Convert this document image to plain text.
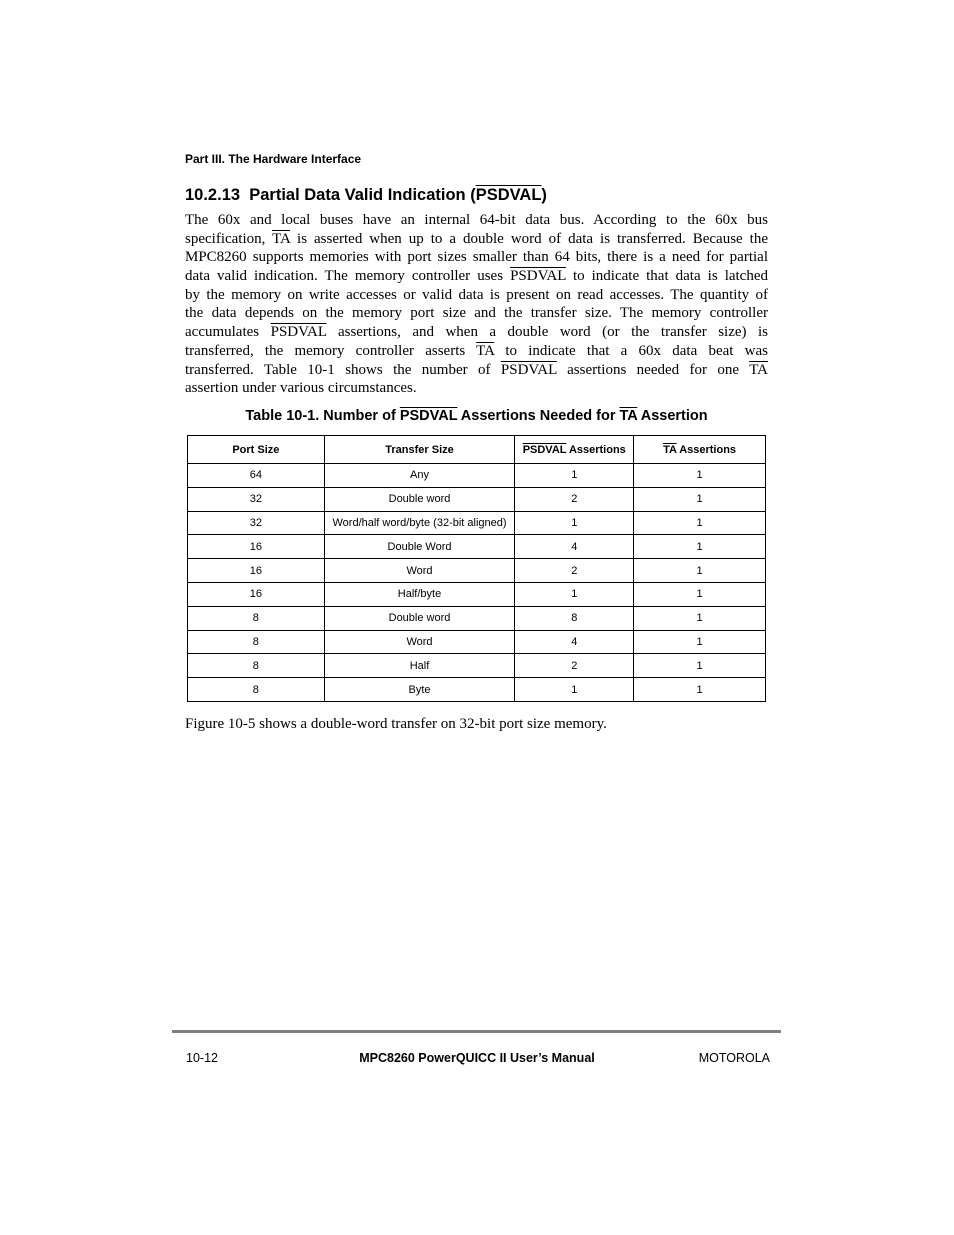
Part III. The Hardware Interface
10.2.13 Partial Data Valid Indication (PSDVAL)
The 60x and local buses have an internal 64-bit data bus. According to the 60x bus
specification, $\overline{TA}$ is asserted when up to a double word of data is transferred. Because the
MPC8260 supports memories with port sizes smaller than 64 bits, there is a need for partial
data valid indication. The memory controller uses PSDVAL to indicate that data is latched
by the memory on write accesses or valid data is present on read accesses. The quantity of
the data depends on the memory port size and the transfer size. The memory controller
accumulates PSDVAL assertions, and when a double word (or the transfer size) is
transferred, the memory controller asserts $\overline{TA}$ to indicate that a 60x data beat was
transferred. Table 10-1 shows the number of PSDVAL assertions needed for one $\overline{TA}$
assertion under various circumstances.
Table 10-1. Number of PSDVAL Assertions Needed for $\overline{TA}$ Assertion
Port Size	Transfer Size	PSDVAL Assertions	$\overline{TA}$ Assertions
64	Any	1	1
32	Double word	2	1
32	Word/half word/byte (32-bit aligned)	1	1
16	Double Word	4	1
16	Word	2	1
16	Half/byte	1	1
8	Double word	8	1
8	Word	4	1
8	Half	2	1
8	Byte	1	1
Figure 10-5 shows a double-word transfer on 32-bit port size memory.
10-12	MPC8260 PowerQUICC II User’s Manual	MOTOROLA
